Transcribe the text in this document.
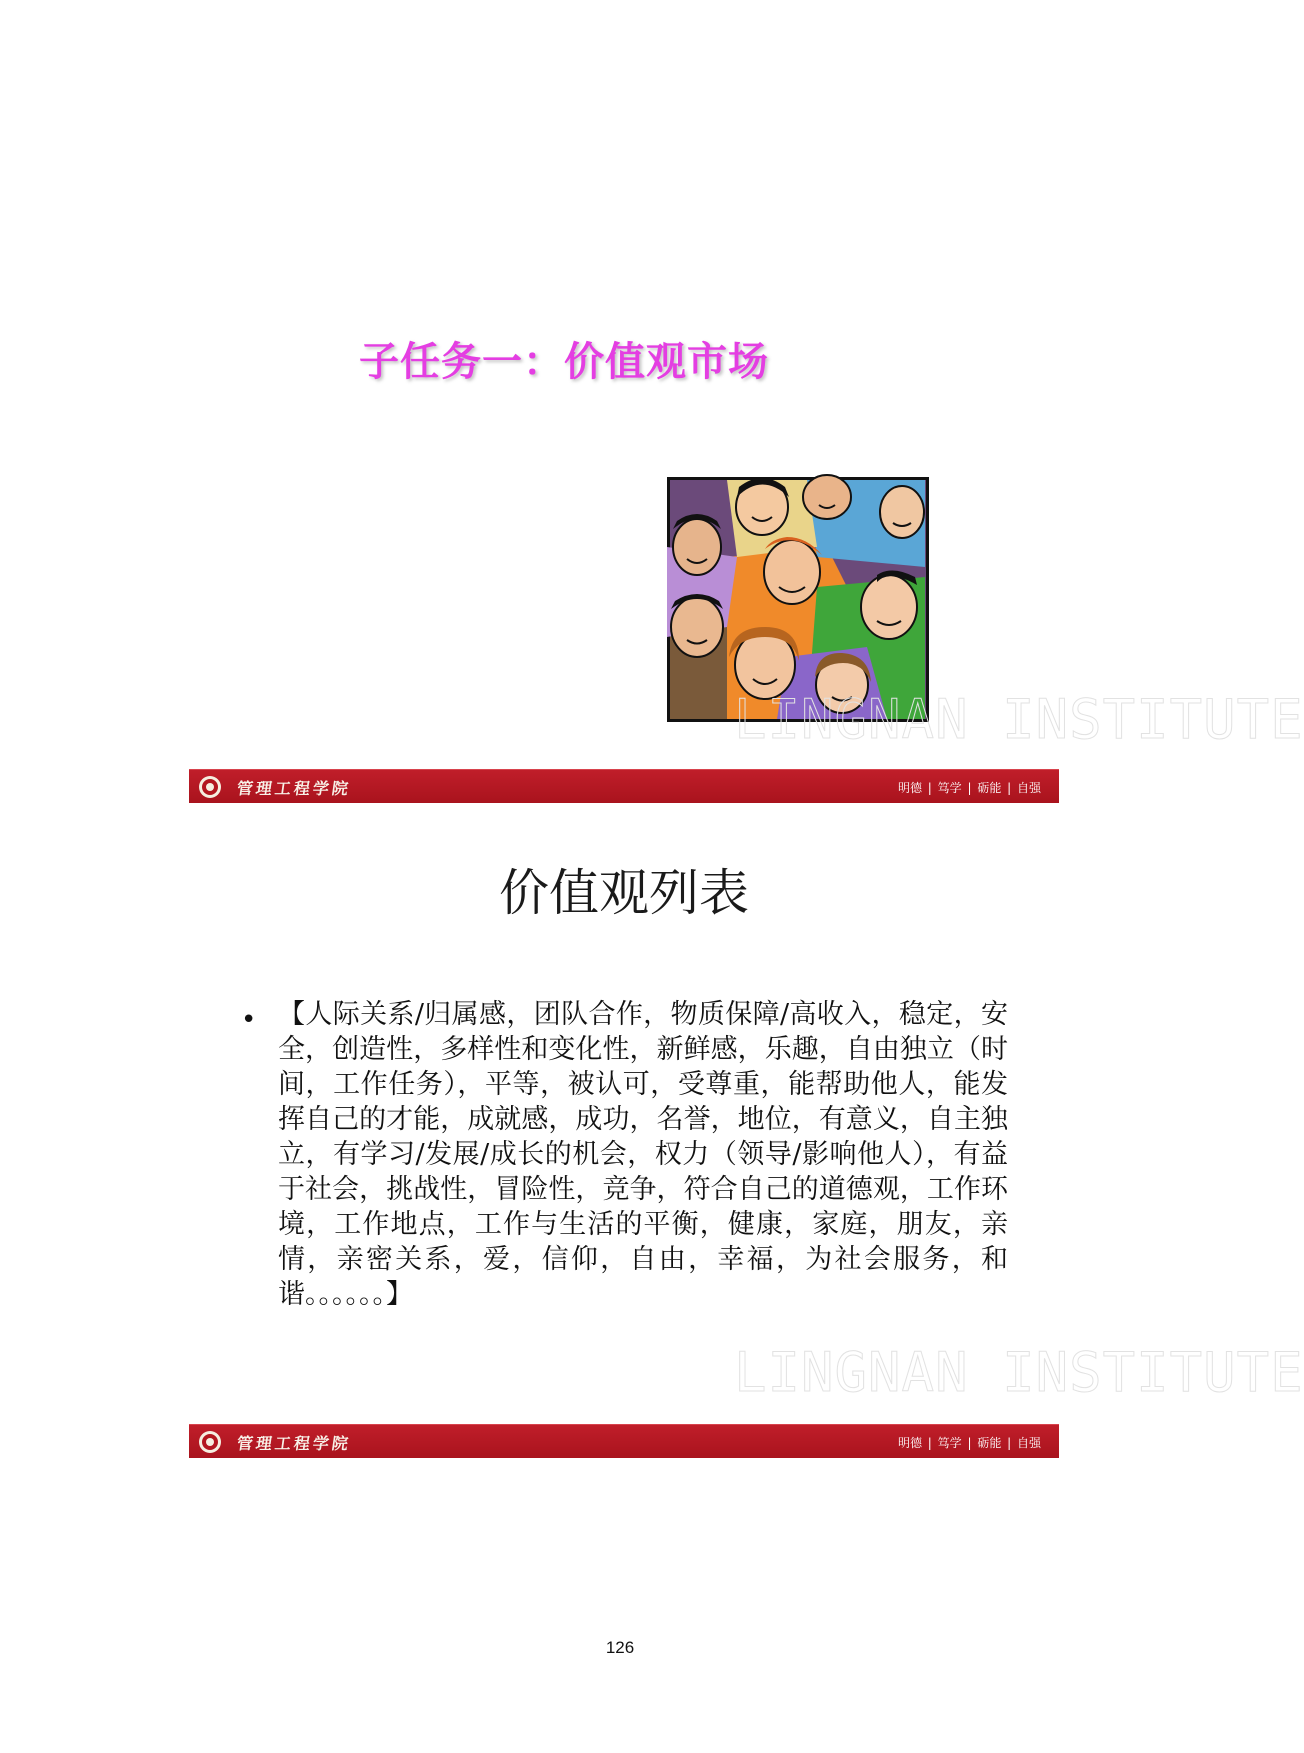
子任务一：价值观市场
LINGNAN INSTITUTE
管理工程学院	明德 | 笃学 | 砺能 | 自强
价值观列表
• 【人际关系/归属感，团队合作，物质保障/高收入，稳定，安全，创造性，多样性和变化性，新鲜感，乐趣，自由独立（时间，工作任务），平等，被认可，受尊重，能帮助他人，能发挥自己的才能，成就感，成功，名誉，地位，有意义，自主独立，有学习/发展/成长的机会，权力（领导/影响他人），有益于社会，挑战性，冒险性，竞争，符合自己的道德观，工作环境，工作地点，工作与生活的平衡，健康，家庭，朋友，亲情，亲密关系，爱，信仰，自由，幸福，为社会服务，和谐。。。。。。】

LINGNAN INSTITUTE
管理工程学院	明德 | 笃学 | 砺能 | 自强
126
